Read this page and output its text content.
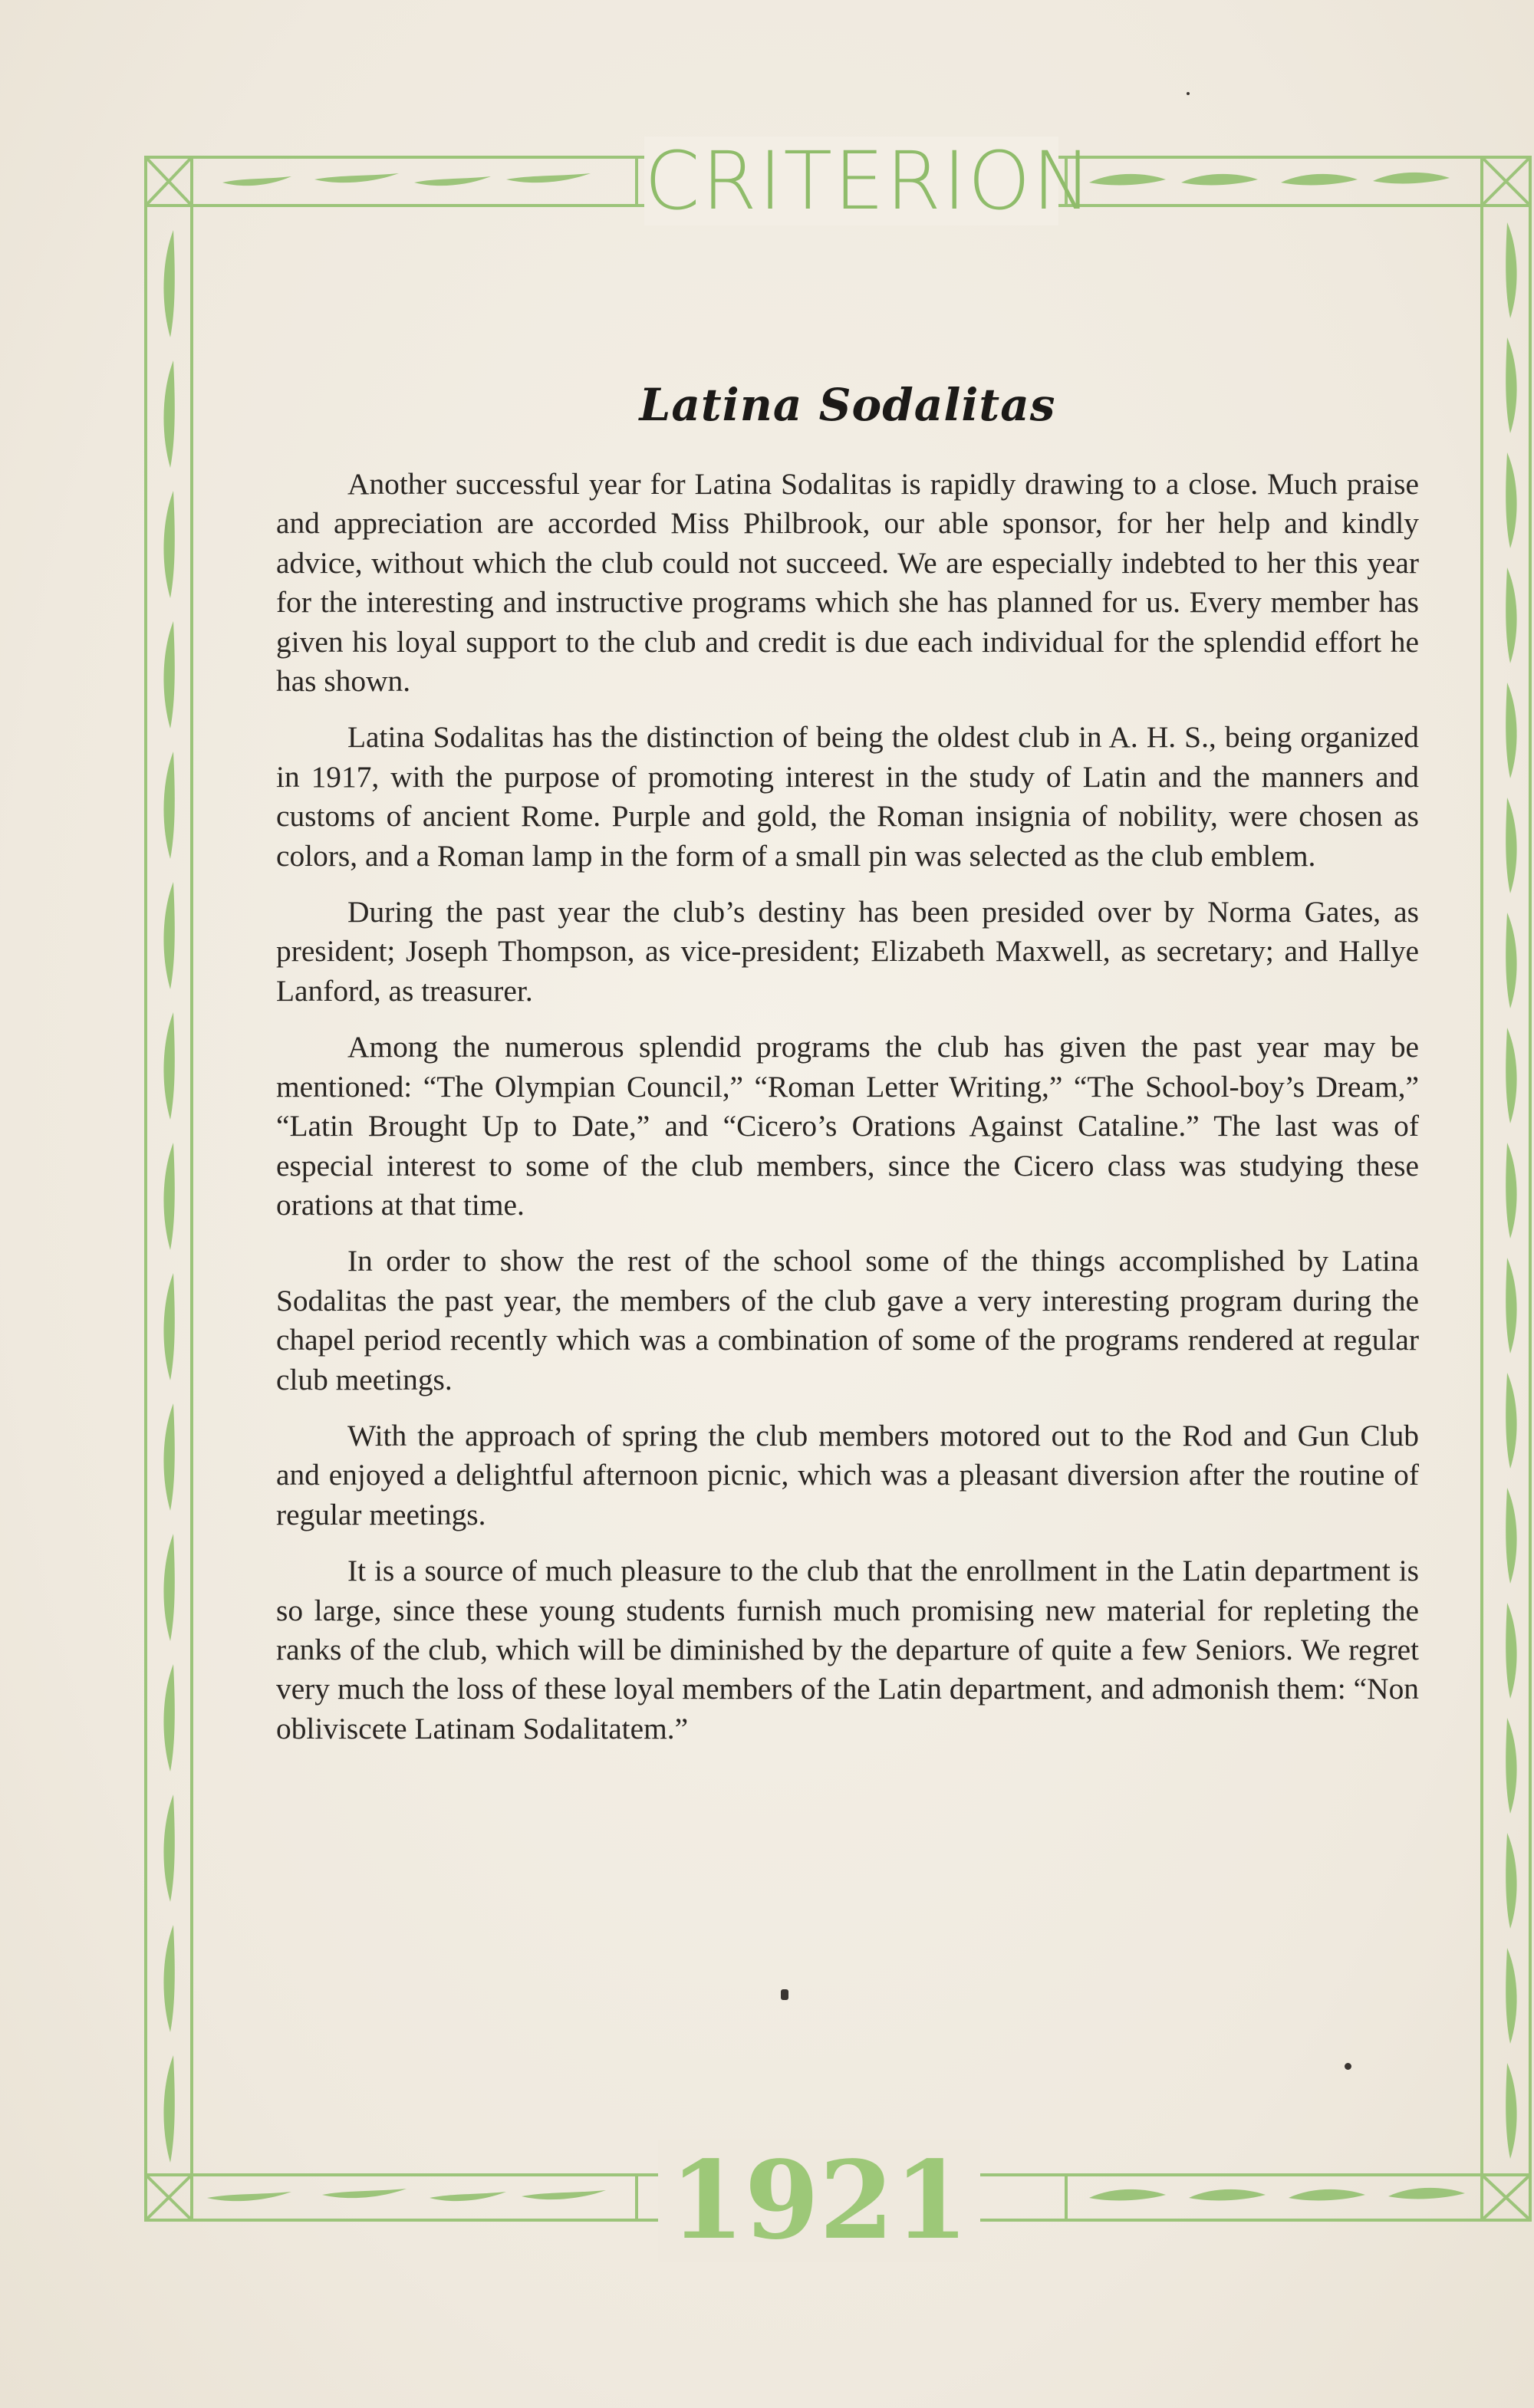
CRITERION
1921
Latina Sodalitas

Another successful year for Latina Sodalitas is rapidly drawing to a close. Much praise and appreciation are accorded Miss Philbrook, our able sponsor, for her help and kindly advice, without which the club could not succeed. We are especially indebted to her this year for the interesting and instructive programs which she has planned for us. Every member has given his loyal support to the club and credit is due each individual for the splendid effort he has shown.

Latina Sodalitas has the distinction of being the oldest club in A. H. S., being organized in 1917, with the purpose of promoting interest in the study of Latin and the manners and customs of ancient Rome. Purple and gold, the Roman insignia of nobility, were chosen as colors, and a Roman lamp in the form of a small pin was selected as the club emblem.

During the past year the club’s destiny has been presided over by Norma Gates, as president; Joseph Thompson, as vice-president; Elizabeth Maxwell, as secretary; and Hallye Lanford, as treasurer.

Among the numerous splendid programs the club has given the past year may be mentioned: “The Olympian Council,” “Roman Letter Writing,” “The School-boy’s Dream,” “Latin Brought Up to Date,” and “Cicero’s Orations Against Cataline.” The last was of especial interest to some of the club members, since the Cicero class was studying these orations at that time.

In order to show the rest of the school some of the things accomplished by Latina Sodalitas the past year, the members of the club gave a very interesting program during the chapel period recently which was a combination of some of the programs rendered at regular club meetings.

With the approach of spring the club members motored out to the Rod and Gun Club and enjoyed a delightful afternoon picnic, which was a pleasant diversion after the routine of regular meetings.

It is a source of much pleasure to the club that the enrollment in the Latin department is so large, since these young students furnish much promising new material for repleting the ranks of the club, which will be diminished by the departure of quite a few Seniors. We regret very much the loss of these loyal members of the Latin department, and admonish them: “Non obliviscete Latinam Sodalitatem.”
